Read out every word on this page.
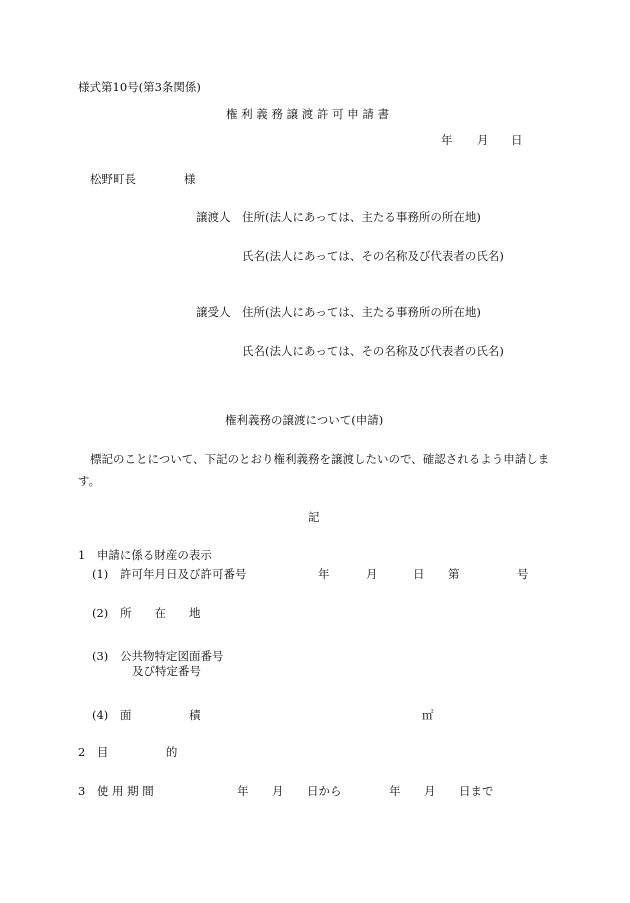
様式第10号(第3条関係)
権 利 義 務 譲 渡 許 可 申 請 書
年 月 日
松野町長	様
譲渡人 住所(法人にあっては、主たる事務所の所在地)
氏名(法人にあっては、その名称及び代表者の氏名)
譲受人 住所(法人にあっては、主たる事務所の所在地)
氏名(法人にあっては、その名称及び代表者の氏名)
権利義務の譲渡について(申請)
標記のことについて、下記のとおり権利義務を譲渡したいので、確認されるよう申請します。
記
1　申請に係る財産の表示
(1) 許可年月日及び許可番号	年	月	日 第	号
(2) 所　　在　　地
(3) 公共物特定図面番号
及び特定番号
(4) 面　　　　　積	㎡
2　目　　　　　的
3　使 用 期 間	年 月 日から	年 月 日まで
